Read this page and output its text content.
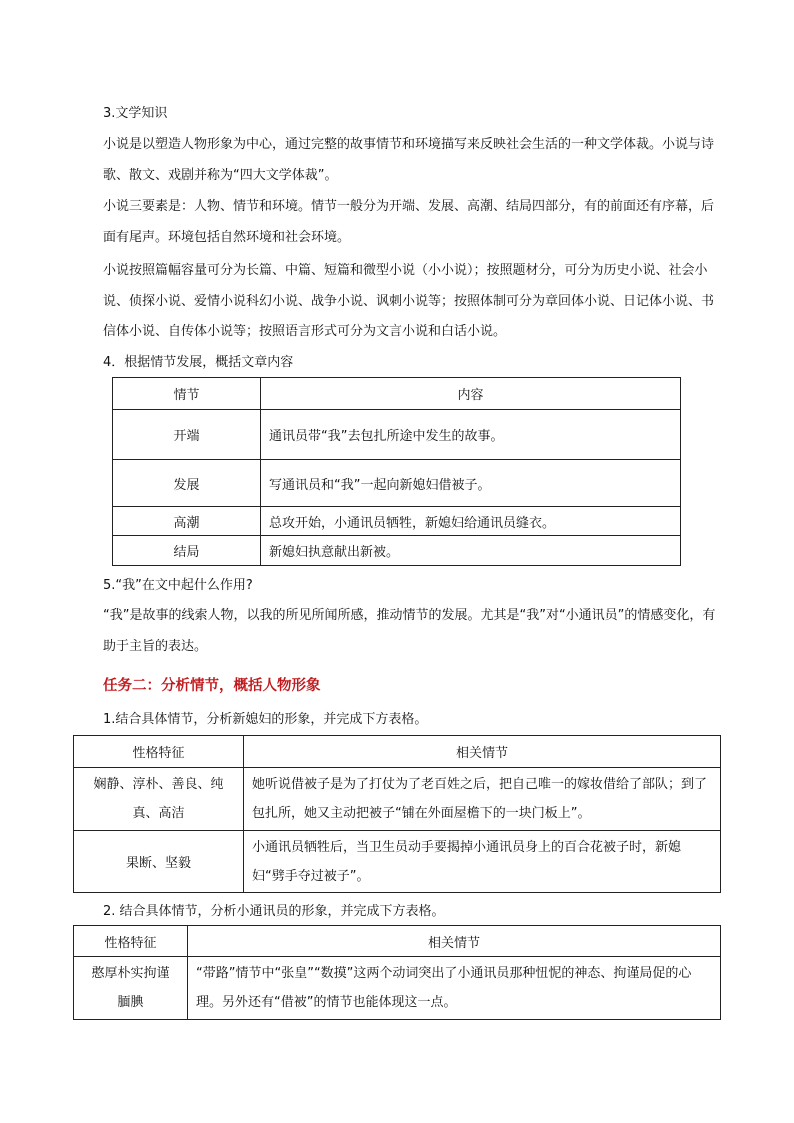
3.文学知识
小说是以塑造人物形象为中心，通过完整的故事情节和环境描写来反映社会生活的一种文学体裁。小说与诗歌、散文、戏剧并称为“四大文学体裁”。
小说三要素是：人物、情节和环境。情节一般分为开端、发展、高潮、结局四部分，有的前面还有序幕，后面有尾声。环境包括自然环境和社会环境。
小说按照篇幅容量可分为长篇、中篇、短篇和微型小说（小小说）；按照题材分，可分为历史小说、社会小说、侦探小说、爱情小说科幻小说、战争小说、讽刺小说等；按照体制可分为章回体小说、日记体小说、书信体小说、自传体小说等；按照语言形式可分为文言小说和白话小说。
4．根据情节发展，概括文章内容
情节	内容
开端	通讯员带“我”去包扎所途中发生的故事。
发展	写通讯员和“我”一起向新媳妇借被子。
高潮	总攻开始，小通讯员牺牲，新媳妇给通讯员缝衣。
结局	新媳妇执意献出新被。
5.“我”在文中起什么作用?
“我”是故事的线索人物，以我的所见所闻所感，推动情节的发展。尤其是“我”对“小通讯员”的情感变化，有助于主旨的表达。
任务二：分析情节，概括人物形象
1.结合具体情节，分析新媳妇的形象，并完成下方表格。
性格特征	相关情节
娴静、淳朴、善良、纯真、高洁	她听说借被子是为了打仗为了老百姓之后，把自己唯一的嫁妆借给了部队；到了包扎所，她又主动把被子“铺在外面屋檐下的一块门板上”。
果断、坚毅	小通讯员牺牲后，当卫生员动手要揭掉小通讯员身上的百合花被子时，新媳妇“劈手夺过被子”。
2. 结合具体情节，分析小通讯员的形象，并完成下方表格。
性格特征	相关情节
憨厚朴实拘谨腼腆	“带路”情节中“张皇”“数摸”这两个动词突出了小通讯员那种忸怩的神态、拘谨局促的心理。另外还有“借被”的情节也能体现这一点。
